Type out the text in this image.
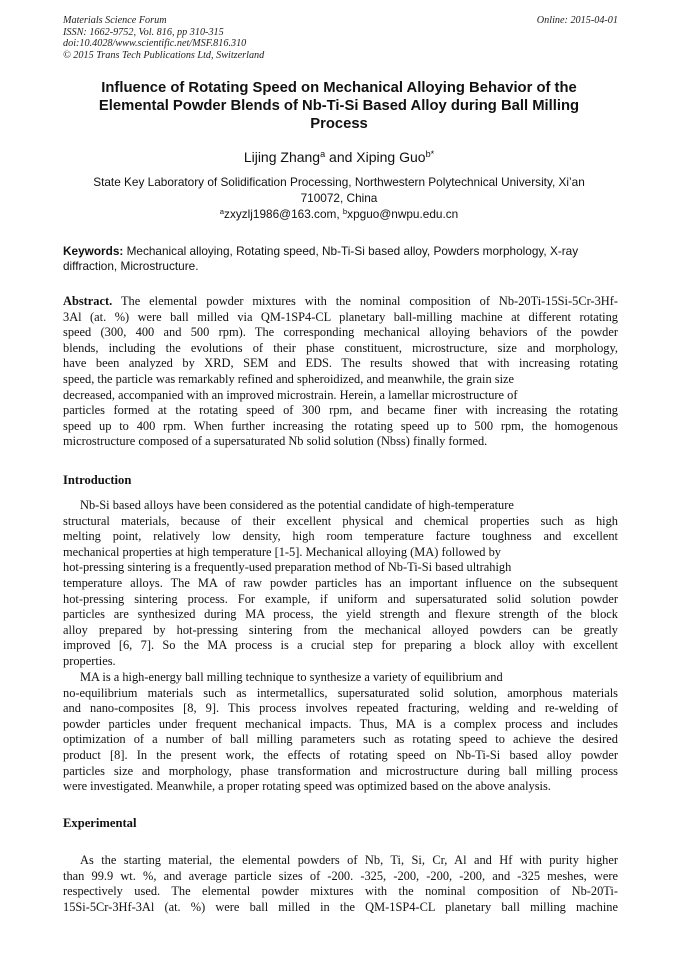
Materials Science Forum
ISSN: 1662-9752, Vol. 816, pp 310-315
doi:10.4028/www.scientific.net/MSF.816.310
© 2015 Trans Tech Publications Ltd, Switzerland
Online: 2015-04-01
Influence of Rotating Speed on Mechanical Alloying Behavior of the
Elemental Powder Blends of Nb-Ti-Si Based Alloy during Ball Milling
Process
Lijing Zhang$^a$ and Xiping Guo$^{b*}$
State Key Laboratory of Solidification Processing, Northwestern Polytechnical University, Xi’an
710072, China
$^a$zxyzlj1986@163.com, $^b$xpguo@nwpu.edu.cn
Keywords: Mechanical alloying, Rotating speed, Nb-Ti-Si based alloy, Powders morphology, X-ray
diffraction, Microstructure.
Abstract. The elemental powder mixtures with the nominal composition of Nb-20Ti-15Si-5Cr-3Hf-
3Al (at. %) were ball milled via QM-1SP4-CL planetary ball-milling machine at different rotating
speed (300, 400 and 500 rpm). The corresponding mechanical alloying behaviors of the powder
blends, including the evolutions of their phase constituent, microstructure, size and morphology,
have been analyzed by XRD, SEM and EDS. The results showed that with increasing rotating
speed, the particle was remarkably refined and spheroidized, and meanwhile, the grain size
decreased, accompanied with an improved microstrain. Herein, a lamellar microstructure of
particles formed at the rotating speed of 300 rpm, and became finer with increasing the rotating
speed up to 400 rpm. When further increasing the rotating speed up to 500 rpm, the homogenous
microstructure composed of a supersaturated Nb solid solution (Nbss) finally formed.
Introduction
Nb-Si based alloys have been considered as the potential candidate of high-temperature
structural materials, because of their excellent physical and chemical properties such as high
melting point, relatively low density, high room temperature facture toughness and excellent
mechanical properties at high temperature [1-5]. Mechanical alloying (MA) followed by
hot-pressing sintering is a frequently-used preparation method of Nb-Ti-Si based ultrahigh
temperature alloys. The MA of raw powder particles has an important influence on the subsequent
hot-pressing sintering process. For example, if uniform and supersaturated solid solution powder
particles are synthesized during MA process, the yield strength and flexure strength of the block
alloy prepared by hot-pressing sintering from the mechanical alloyed powders can be greatly
improved [6, 7]. So the MA process is a crucial step for preparing a block alloy with excellent
properties.
MA is a high-energy ball milling technique to synthesize a variety of equilibrium and
no-equilibrium materials such as intermetallics, supersaturated solid solution, amorphous materials
and nano-composites [8, 9]. This process involves repeated fracturing, welding and re-welding of
powder particles under frequent mechanical impacts. Thus, MA is a complex process and includes
optimization of a number of ball milling parameters such as rotating speed to achieve the desired
product [8]. In the present work, the effects of rotating speed on Nb-Ti-Si based alloy powder
particles size and morphology, phase transformation and microstructure during ball milling process
were investigated. Meanwhile, a proper rotating speed was optimized based on the above analysis.
Experimental
As the starting material, the elemental powders of Nb, Ti, Si, Cr, Al and Hf with purity higher
than 99.9 wt. %, and average particle sizes of -200. -325, -200, -200, -200, and -325 meshes, were
respectively used. The elemental powder mixtures with the nominal composition of Nb-20Ti-
15Si-5Cr-3Hf-3Al (at. %) were ball milled in the QM-1SP4-CL planetary ball milling machine
